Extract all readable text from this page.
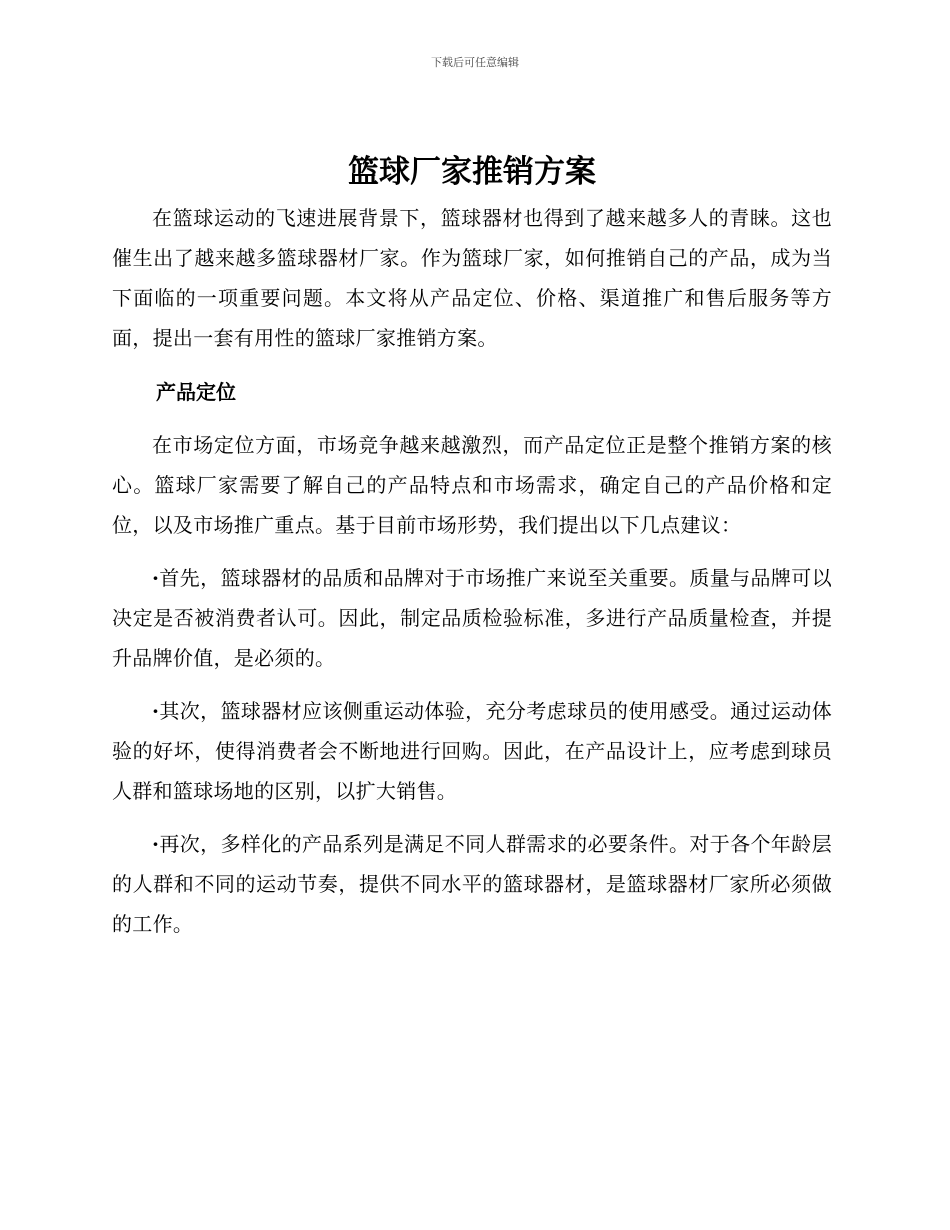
下载后可任意编辑
篮球厂家推销方案

在篮球运动的飞速进展背景下，篮球器材也得到了越来越多人的青睐。这也催生出了越来越多篮球器材厂家。作为篮球厂家，如何推销自己的产品，成为当下面临的一项重要问题。本文将从产品定位、价格、渠道推广和售后服务等方面，提出一套有用性的篮球厂家推销方案。

产品定位

在市场定位方面，市场竞争越来越激烈，而产品定位正是整个推销方案的核心。篮球厂家需要了解自己的产品特点和市场需求，确定自己的产品价格和定位，以及市场推广重点。基于目前市场形势，我们提出以下几点建议：

·首先，篮球器材的品质和品牌对于市场推广来说至关重要。质量与品牌可以决定是否被消费者认可。因此，制定品质检验标准，多进行产品质量检查，并提升品牌价值，是必须的。

·其次，篮球器材应该侧重运动体验，充分考虑球员的使用感受。通过运动体验的好坏，使得消费者会不断地进行回购。因此，在产品设计上，应考虑到球员人群和篮球场地的区别，以扩大销售。

·再次，多样化的产品系列是满足不同人群需求的必要条件。对于各个年龄层的人群和不同的运动节奏，提供不同水平的篮球器材，是篮球器材厂家所必须做的工作。
